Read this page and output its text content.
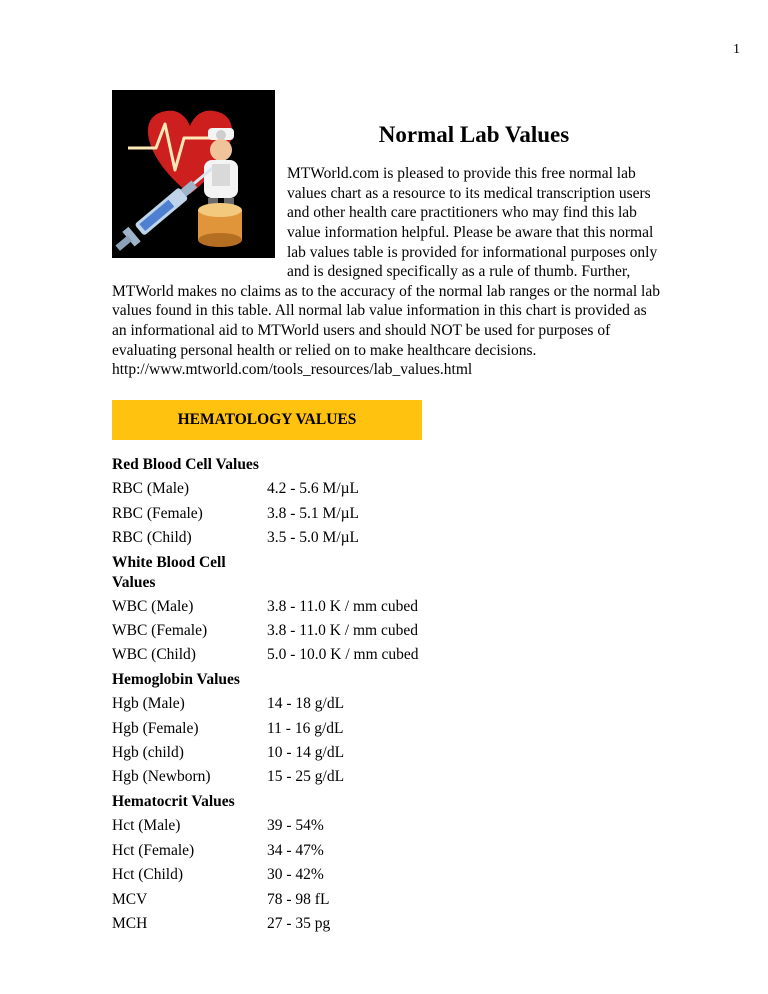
1
Normal Lab Values

MTWorld.com is pleased to provide this free normal lab values chart as a resource to its medical transcription users and other health care practitioners who may find this lab value information helpful. Please be aware that this normal lab values table is provided for informational purposes only and is designed specifically as a rule of thumb. Further, MTWorld makes no claims as to the accuracy of the normal lab ranges or the normal lab values found in this table. All normal lab value information in this chart is provided as an informational aid to MTWorld users and should NOT be used for purposes of evaluating personal health or relied on to make healthcare decisions.

http://www.mtworld.com/tools_resources/lab_values.html
HEMATOLOGY VALUES
Red Blood Cell Values
RBC (Male)	4.2 - 5.6 M/µL
RBC (Female)	3.8 - 5.1 M/µL
RBC (Child)	3.5 - 5.0 M/µL
White Blood Cell Values
WBC (Male)	3.8 - 11.0 K / mm cubed
WBC (Female)	3.8 - 11.0 K / mm cubed
WBC (Child)	5.0 - 10.0 K / mm cubed
Hemoglobin Values
Hgb (Male)	14 - 18 g/dL
Hgb (Female)	11 - 16 g/dL
Hgb (child)	10 - 14 g/dL
Hgb (Newborn)	15 - 25 g/dL
Hematocrit Values
Hct (Male)	39 - 54%
Hct (Female)	34 - 47%
Hct (Child)	30 - 42%
MCV	78 - 98 fL
MCH	27 - 35 pg
